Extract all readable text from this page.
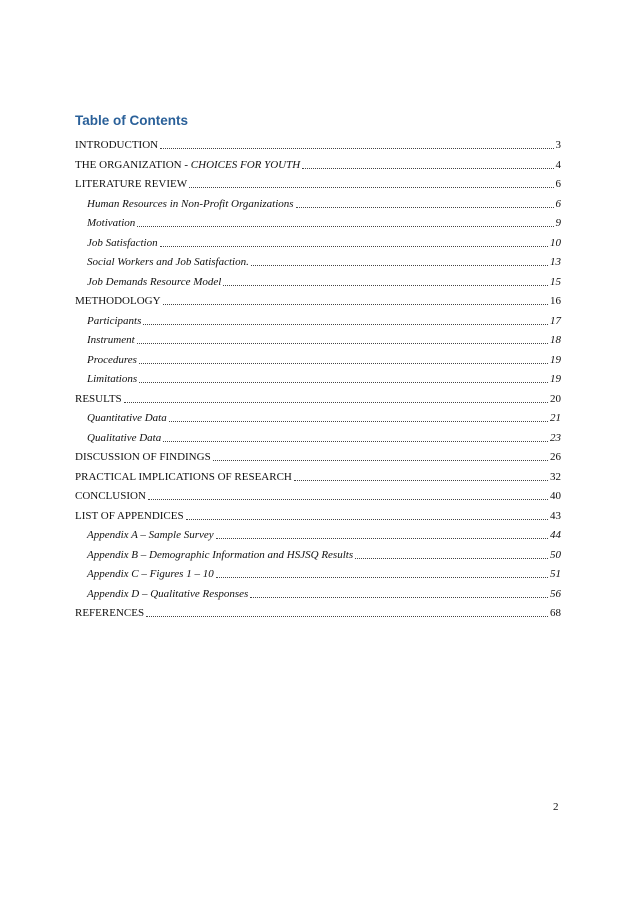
Table of Contents
INTRODUCTION	3
THE ORGANIZATION - CHOICES FOR YOUTH	4
LITERATURE REVIEW	6
Human Resources in Non-Profit Organizations	6
Motivation	9
Job Satisfaction	10
Social Workers and Job Satisfaction.	13
Job Demands Resource Model	15
METHODOLOGY	16
Participants	17
Instrument	18
Procedures	19
Limitations	19
RESULTS	20
Quantitative Data	21
Qualitative Data	23
DISCUSSION OF FINDINGS	26
PRACTICAL IMPLICATIONS OF RESEARCH	32
CONCLUSION	40
LIST OF APPENDICES	43
Appendix A – Sample Survey	44
Appendix B – Demographic Information and HSJSQ Results	50
Appendix C – Figures 1 – 10	51
Appendix D – Qualitative Responses	56
REFERENCES	68
2
